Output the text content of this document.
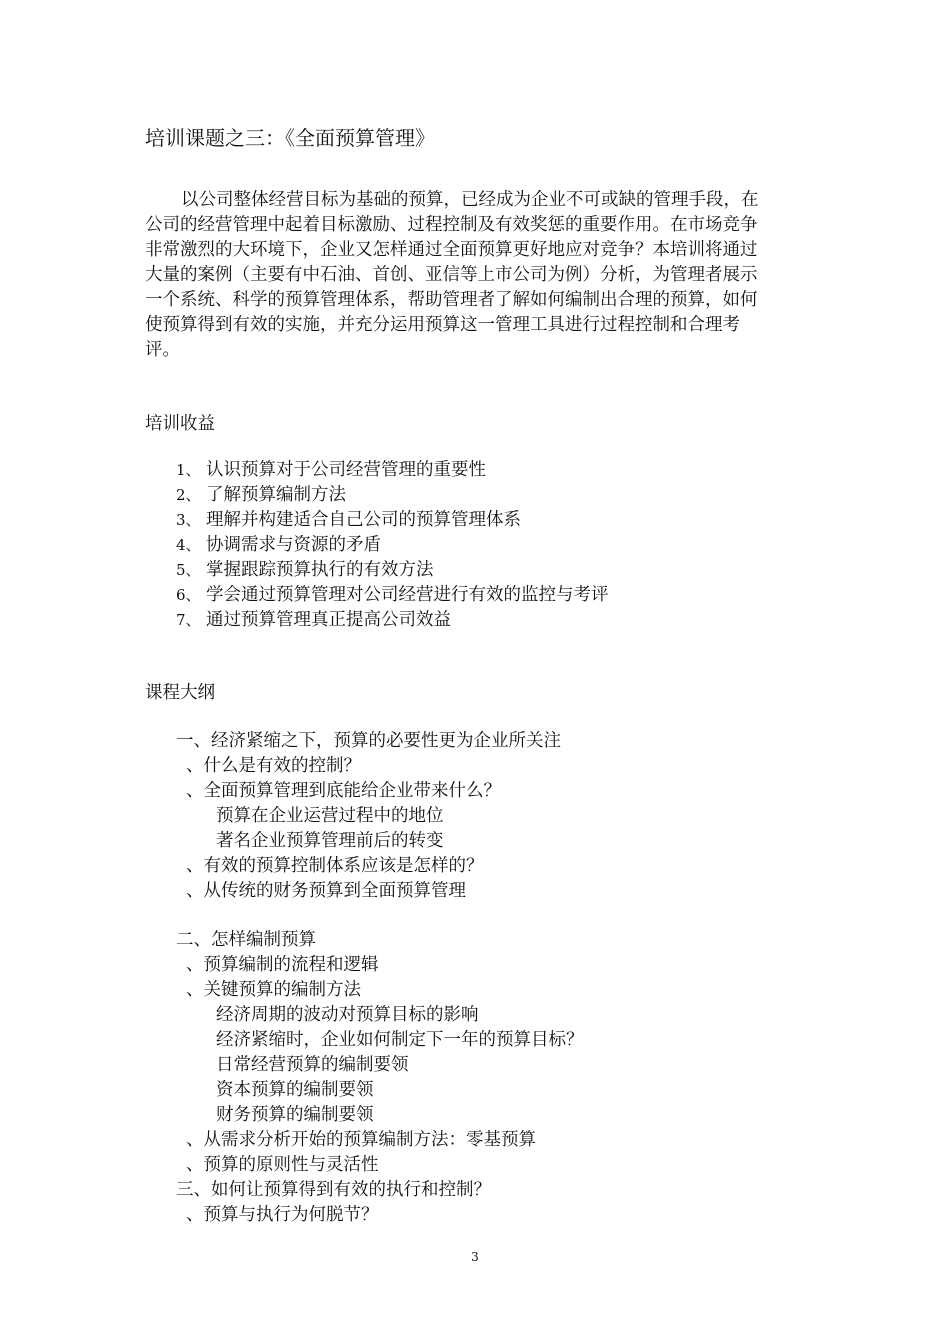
培训课题之三：《全面预算管理》
以公司整体经营目标为基础的预算，已经成为企业不可或缺的管理手段，在
公司的经营管理中起着目标激励、过程控制及有效奖惩的重要作用。在市场竞争
非常激烈的大环境下，企业又怎样通过全面预算更好地应对竞争？本培训将通过
大量的案例（主要有中石油、首创、亚信等上市公司为例）分析，为管理者展示
一个系统、科学的预算管理体系，帮助管理者了解如何编制出合理的预算，如何
使预算得到有效的实施，并充分运用预算这一管理工具进行过程控制和合理考
评。
培训收益
1、 认识预算对于公司经营管理的重要性
2、 了解预算编制方法
3、 理解并构建适合自己公司的预算管理体系
4、 协调需求与资源的矛盾
5、 掌握跟踪预算执行的有效方法
6、 学会通过预算管理对公司经营进行有效的监控与考评
7、 通过预算管理真正提高公司效益
课程大纲
一、经济紧缩之下，预算的必要性更为企业所关注
、什么是有效的控制？
、全面预算管理到底能给企业带来什么？
预算在企业运营过程中的地位
著名企业预算管理前后的转变
、有效的预算控制体系应该是怎样的？
、从传统的财务预算到全面预算管理
二、怎样编制预算
、预算编制的流程和逻辑
、关键预算的编制方法
经济周期的波动对预算目标的影响
经济紧缩时，企业如何制定下一年的预算目标？
日常经营预算的编制要领
资本预算的编制要领
财务预算的编制要领
、从需求分析开始的预算编制方法：零基预算
、预算的原则性与灵活性
三、如何让预算得到有效的执行和控制？
、预算与执行为何脱节？
3
